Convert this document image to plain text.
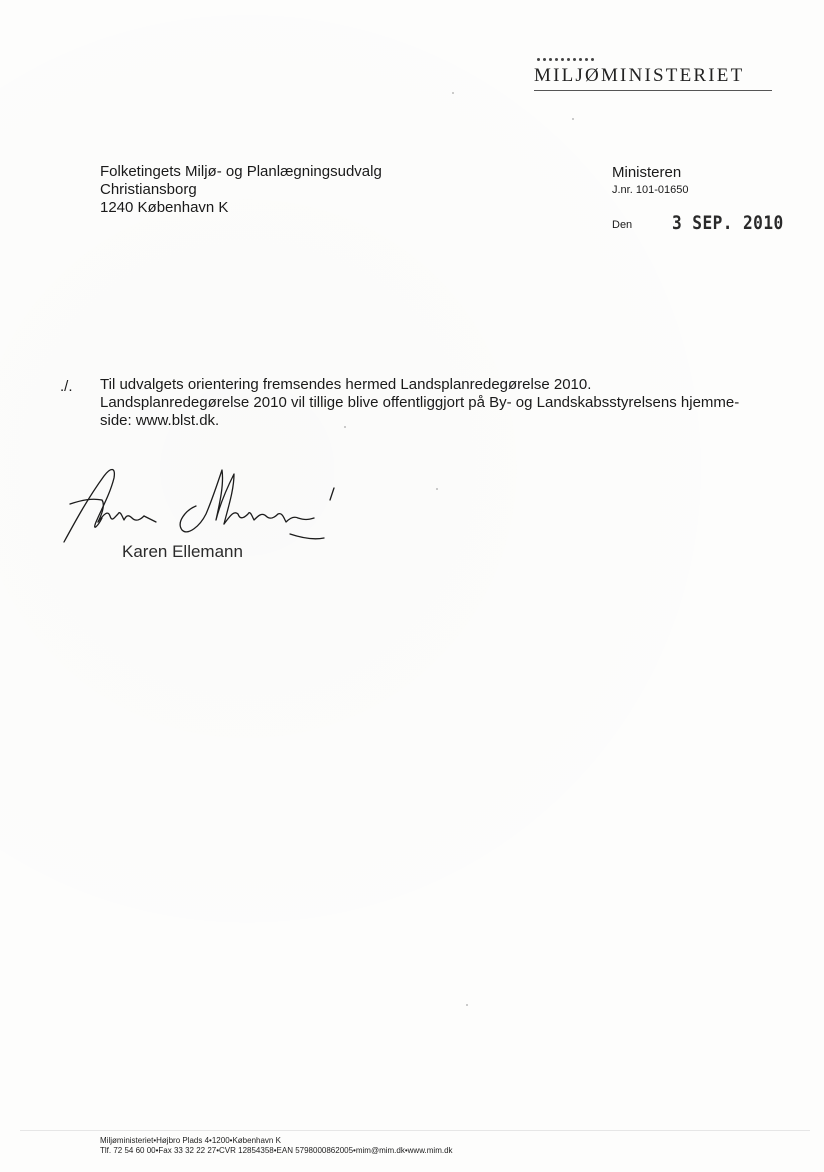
MILJØMINISTERIET
Folketingets Miljø- og Planlægningsudvalg
Christiansborg
1240 København K
Ministeren
J.nr. 101-01650
Den 3 SEP. 2010
./. Til udvalgets orientering fremsendes hermed Landsplanredegørelse 2010.

Landsplanredegørelse 2010 vil tillige blive offentliggjort på By- og Landskabsstyrelsens hjemme-

side: www.blst.dk.

Karen Ellemann
Miljøministeriet•Højbro Plads 4•1200•København K
Tlf. 72 54 60 00•Fax 33 32 22 27•CVR 12854358•EAN 5798000862005•mim@mim.dk•www.mim.dk
